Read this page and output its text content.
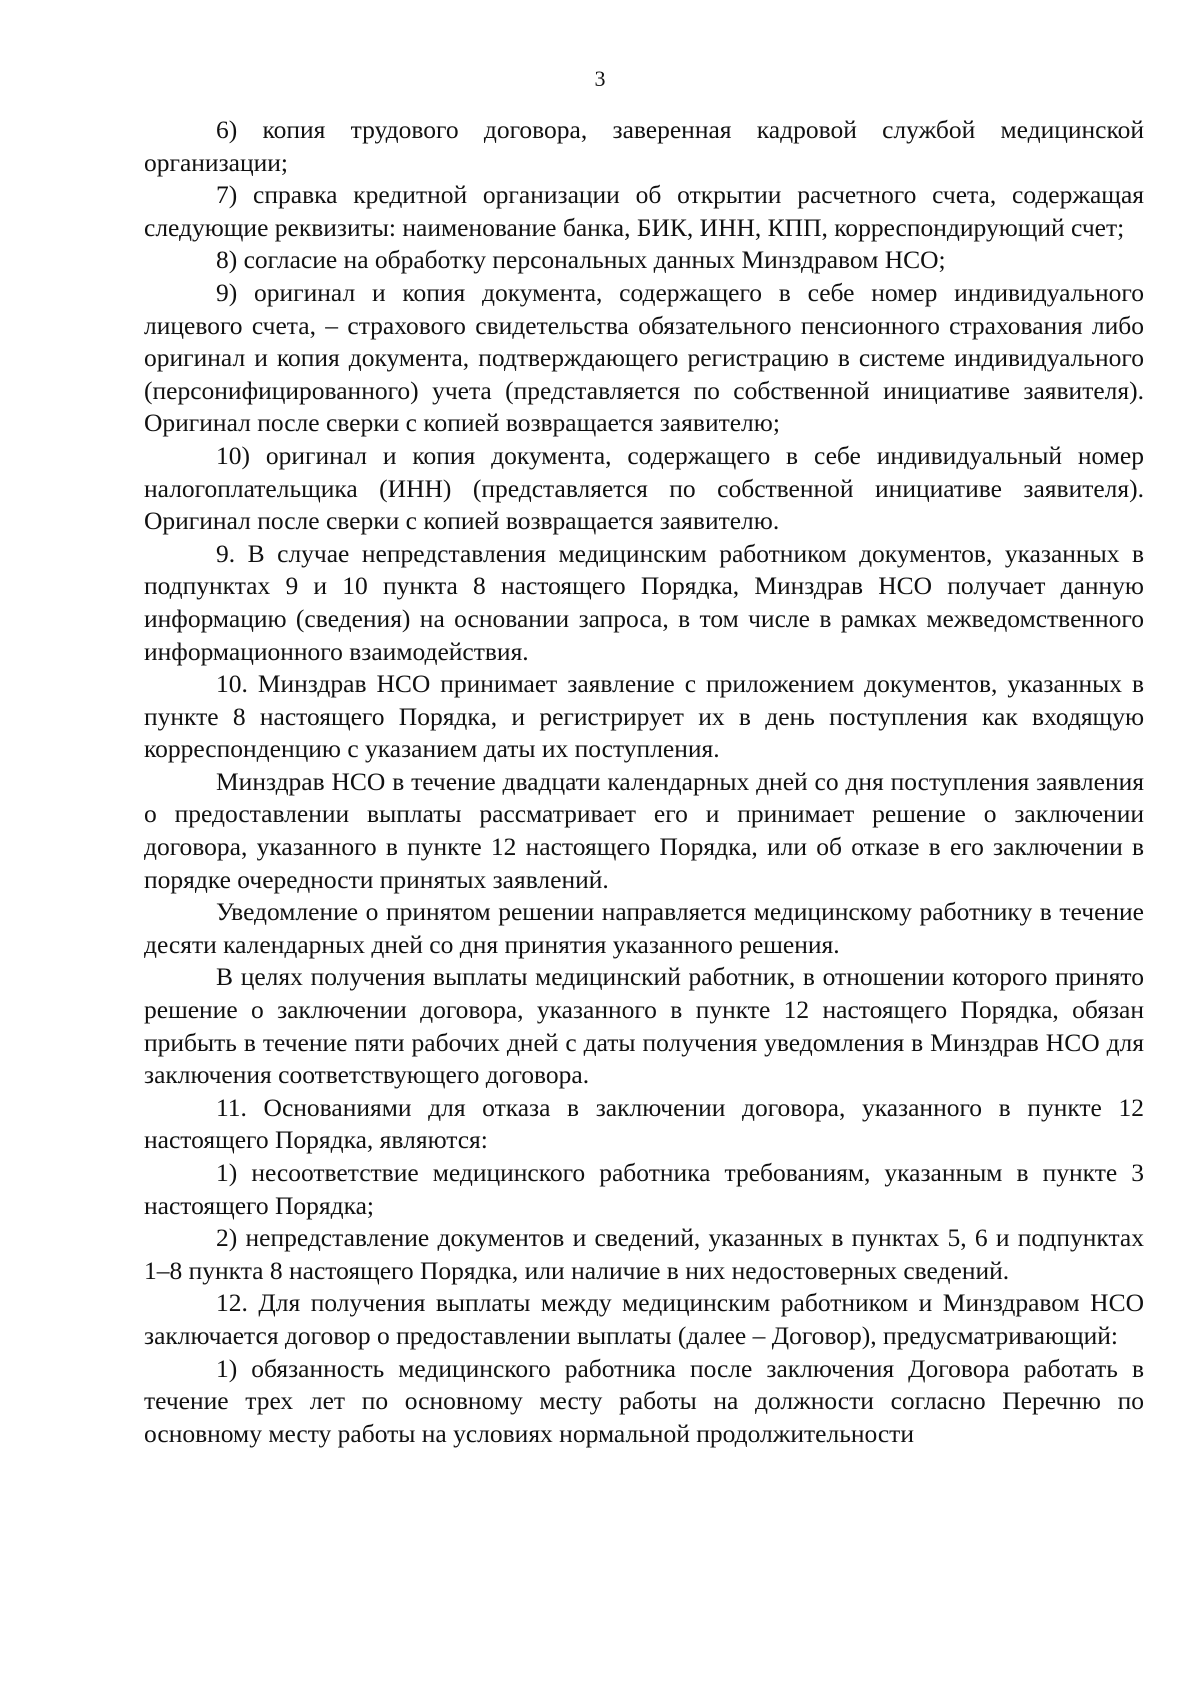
3

6) копия трудового договора, заверенная кадровой службой медицинской организации;

7) справка кредитной организации об открытии расчетного счета, содержащая следующие реквизиты: наименование банка, БИК, ИНН, КПП, корреспондирующий счет;

8) согласие на обработку персональных данных Минздравом НСО;

9) оригинал и копия документа, содержащего в себе номер индивидуального лицевого счета, – страхового свидетельства обязательного пенсионного страхования либо оригинал и копия документа, подтверждающего регистрацию в системе индивидуального (персонифицированного) учета (представляется по собственной инициативе заявителя). Оригинал после сверки с копией возвращается заявителю;

10) оригинал и копия документа, содержащего в себе индивидуальный номер налогоплательщика (ИНН) (представляется по собственной инициативе заявителя). Оригинал после сверки с копией возвращается заявителю.

9. В случае непредставления медицинским работником документов, указанных в подпунктах 9 и 10 пункта 8 настоящего Порядка, Минздрав НСО получает данную информацию (сведения) на основании запроса, в том числе в рамках межведомственного информационного взаимодействия.

10. Минздрав НСО принимает заявление с приложением документов, указанных в пункте 8 настоящего Порядка, и регистрирует их в день поступления как входящую корреспонденцию с указанием даты их поступления.

Минздрав НСО в течение двадцати календарных дней со дня поступления заявления о предоставлении выплаты рассматривает его и принимает решение о заключении договора, указанного в пункте 12 настоящего Порядка, или об отказе в его заключении в порядке очередности принятых заявлений.

Уведомление о принятом решении направляется медицинскому работнику в течение десяти календарных дней со дня принятия указанного решения.

В целях получения выплаты медицинский работник, в отношении которого принято решение о заключении договора, указанного в пункте 12 настоящего Порядка, обязан прибыть в течение пяти рабочих дней с даты получения уведомления в Минздрав НСО для заключения соответствующего договора.

11. Основаниями для отказа в заключении договора, указанного в пункте 12 настоящего Порядка, являются:

1) несоответствие медицинского работника требованиям, указанным в пункте 3 настоящего Порядка;

2) непредставление документов и сведений, указанных в пунктах 5, 6 и подпунктах 1–8 пункта 8 настоящего Порядка, или наличие в них недостоверных сведений.

12. Для получения выплаты между медицинским работником и Минздравом НСО заключается договор о предоставлении выплаты (далее – Договор), предусматривающий:

1) обязанность медицинского работника после заключения Договора работать в течение трех лет по основному месту работы на должности согласно Перечню по основному месту работы на условиях нормальной продолжительности
